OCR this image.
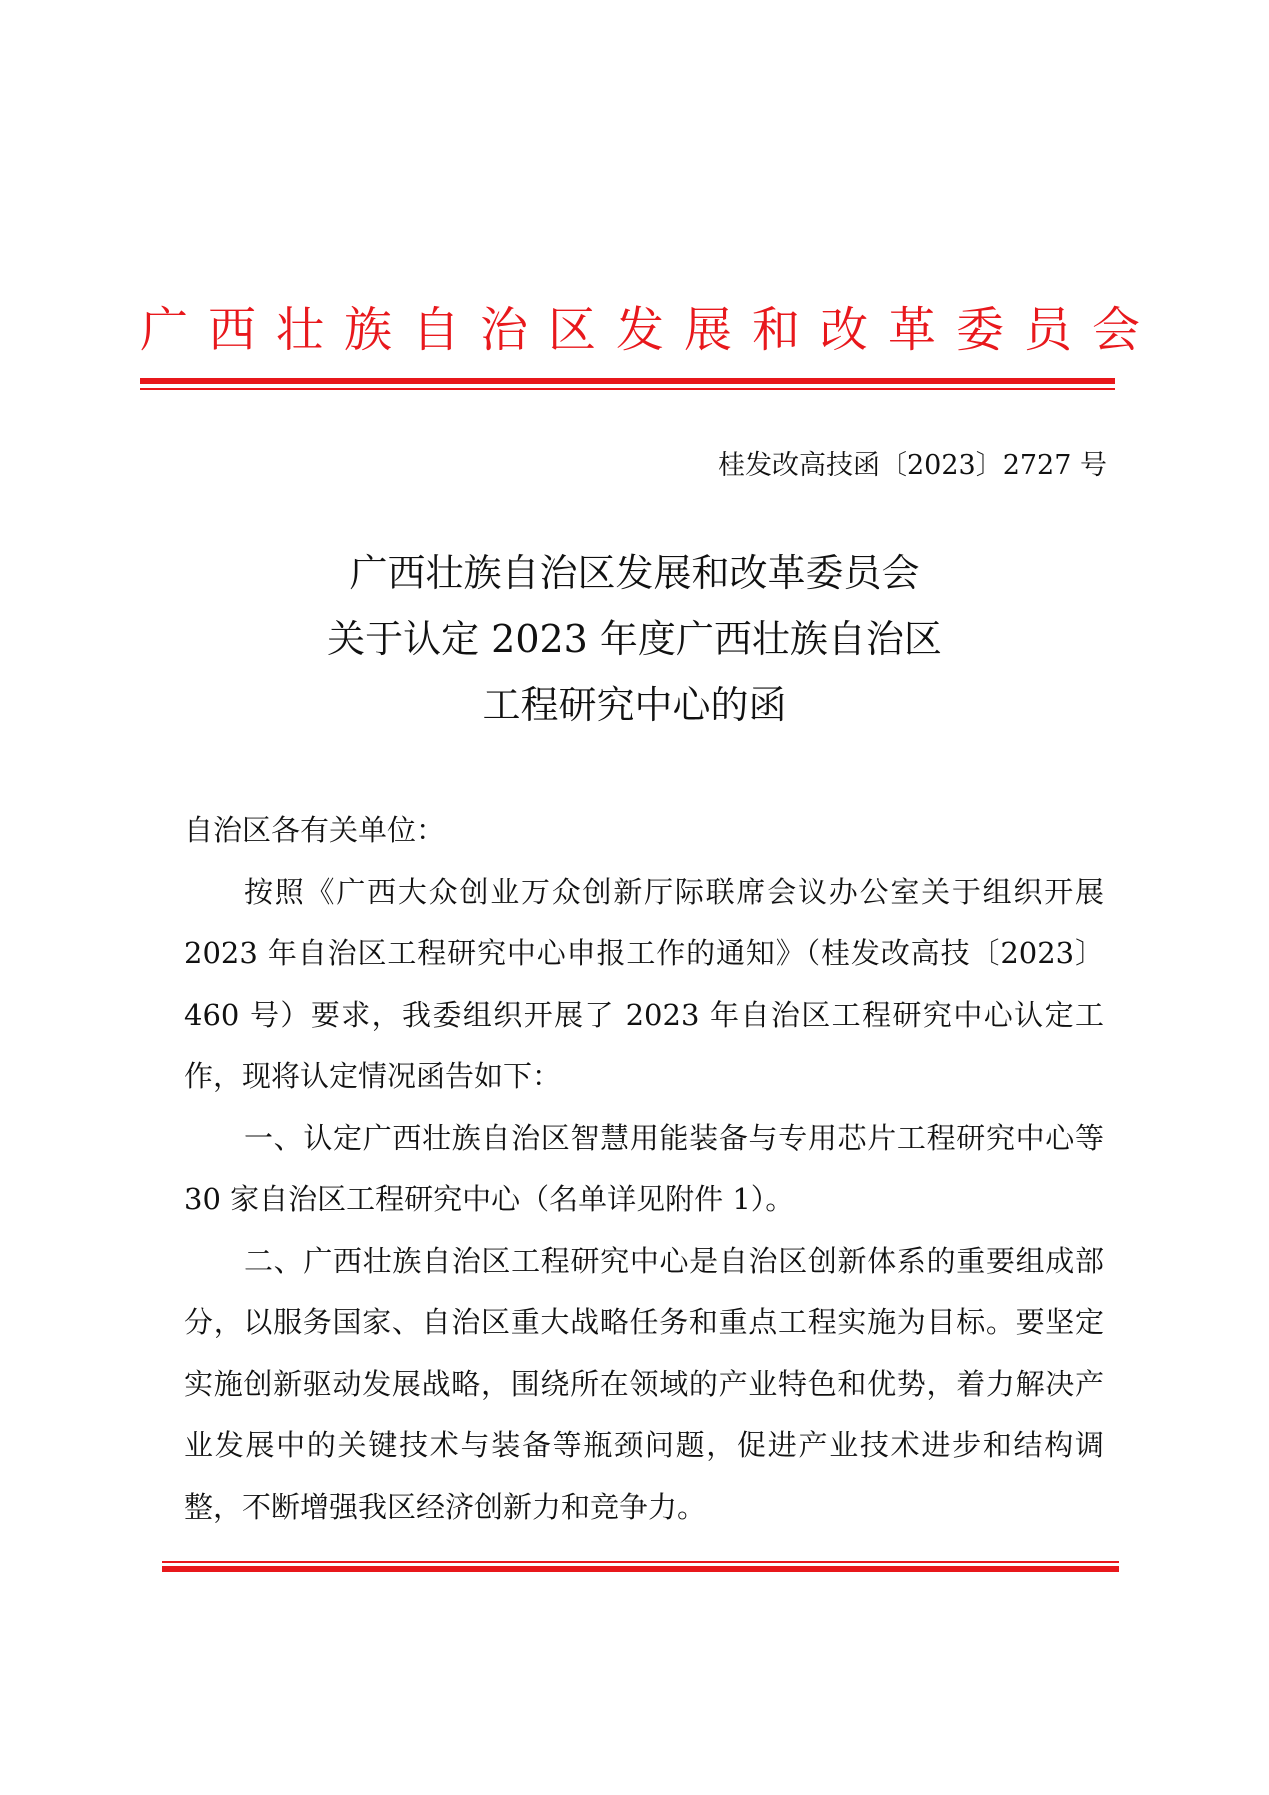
广西壮族自治区发展和改革委员会
桂发改高技函〔2023〕2727 号
广西壮族自治区发展和改革委员会
关于认定 2023 年度广西壮族自治区
工程研究中心的函
自治区各有关单位：

按照《广西大众创业万众创新厅际联席会议办公室关于组织开展 2023 年自治区工程研究中心申报工作的通知》（桂发改高技〔2023〕460 号）要求，我委组织开展了 2023 年自治区工程研究中心认定工作，现将认定情况函告如下：

一、认定广西壮族自治区智慧用能装备与专用芯片工程研究中心等 30 家自治区工程研究中心（名单详见附件 1）。

二、广西壮族自治区工程研究中心是自治区创新体系的重要组成部分，以服务国家、自治区重大战略任务和重点工程实施为目标。要坚定实施创新驱动发展战略，围绕所在领域的产业特色和优势，着力解决产业发展中的关键技术与装备等瓶颈问题，促进产业技术进步和结构调整，不断增强我区经济创新力和竞争力。
